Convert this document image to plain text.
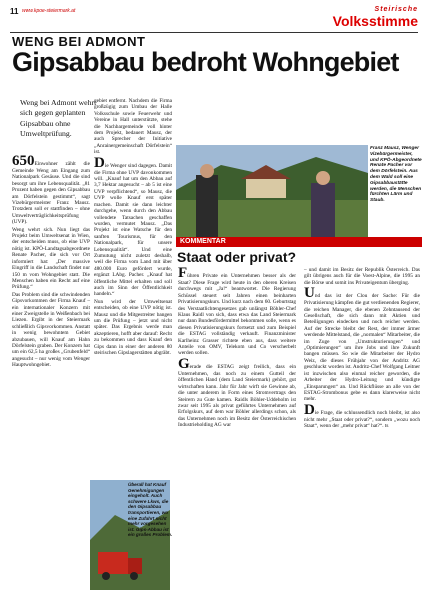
11 www.kpoe-steiermark.at	Steirische
Volksstimme
WENG BEI ADMONT
Gipsabbau bedroht Wohngebiet
Weng bei Admont wehrt sich gegen geplanten Gipsabbau ohne Umweltprüfung.

650Einwohner zählt die Gemeinde Weng am Eingang zum Nationalpark Gesäuse. Und die sind besorgt um ihre Lebensqualität. „81 Prozent haben gegen den Gipsabbau am Dörfelstein gestimmt“, sagt Vizebürgermeister Franz Mausz. Trotzdem soll er stattfinden – ohne Umweltverträglichkeitsprüfung (UVP).

Weng wehrt sich. Nun liegt das Projekt beim Umweltsenat in Wien, der entscheiden muss, ob eine UVP nötig ist. KPÖ-Landtagsabgeordnete Renate Pacher, die sich vor Ort informiert hat: „Der massive Eingriff in die Landschaft findet nur 150 m vom Wohngebiet statt. Die Menschen haben ein Recht auf eine Prüfung.“

Das Problem sind die schwindenden Gipsvorkommen der Firma Knauf – ein internationaler Konzern mit einer Zweigstelle in Weißenbach bei Liezen. Ergibt in der Steiermark schließlich Gipsvorkommen. Anstatt in wenig bewohntem Gebiet abzubauen, will Knauf am Hahn Dörfelstein graben. Der Konzern hat um ein 62,5 ha großes „Grubenfeld“ angesucht – nur wenig vom Wenger Hauptwohngebiet.

gebiet entfernt. Nachdem die Firma großzügig zum Umbau der Halle Volksschule sowie Feuerwehr und Vereine in Hall unterstützte, stehe die Nachbargemeinde voll hinter dem Projekt, bedauert Mausz, der auch Sprecher der Initiative „Anrainergemeinschaft Dörfelstein“ ist.

Die Wenger sind dagegen. Damit die Firma ohne UVP davonkommen will. „Knauf hat um den Abbau auf 3,7 Hektar angesucht – ab 5 ist eine UVP verpflichtend“, so Mausz, die UVP wolle Knauf erst später machen. Damit sie dann leichter durchgehe, wenn durch den Abbau vollendete Tatsachen geschaffen wurden, vermutet Mausz. „Das Projekt ist eine Watsche für den sanften Tourismus, für den Nationalpark, für unsere Lebensqualität“. Und eine Zumutung nicht zuletzt deshalb, weil die Firma vom Land mit über 480.000 Euro gefördert wurde, ergänzt LAbg. Pacher. „Knauf hat öffentliche Mittel erhalten und soll auch im Sinn der Öffentlichkeit handeln.“

Nun wird der Umweltsenat entscheiden, ob eine UVP nötig ist. Mausz und die Mitgestreiter bangen um die Prüfung – jetzt und nicht später. Das Ergebnis werde man akzeptieren, hofft aber darauf: Recht zu bekommen und dass Knauf den Gips dann in einer der anderen 80 steirischen Gipslagerstätten abgräbt.

Franz Mausz, Wenger Vizebürgermeister, und KPÖ-Abgeordnete Renate Pacher vor dem Dörfelstein. Aus dem Wald soll eine Gipsabbaustätte werden, die Menschen fürchten Lärm und Staub.
KOMMENTAR
Staat oder privat?

Führen Private ein Unternehmen besser als der Staat? Diese Frage wird heute in den oberen Kreisen durchwegs mit „Ja!“ beantwortet. Die Regierung Schüssel steuert seit Jahren einen beinharten Privatisierungskurs. Und kurz nach dem 60. Geburtstag des Verstaatlichtengesetzes gab unlängst Böhler-Chef Klaus Raidl von sich, dass etwa das Land Steiermark nur dann Bundesfördermittel bekommen solle, wenn es diesen Privatisierungskurs fortsetzt und zum Beispiel die ESTAG vollständig verkauft. Finanzminister Karlheinz Grasser richtete eben aus, dass weitere Anteile von OMV, Telekom und Co verscherbelt werden sollen.

Gerade die ESTAG zeigt freilich, dass ein Unternehmen, das noch zu einem Gutteil der öffentlichen Hand (dem Land Steiermark) gehört, gut wirtschaften kann. Jahr für Jahr wirft sie Gewinne ab, die unter anderem in Form eines Stromvertrags den Steirern zu Gute kamen. Raidls Böhler-Uddeholm ist zwar seit 1995 als privat geführtes Unternehmen auf Erfolgskurs, auf dem war Böhler allerdings schon, als das Unternehmen noch im Besitz der Österreichischen Industrieholding AG war

– und damit im Besitz der Republik Österreich. Das gilt übrigens auch für die Voest-Alpine, die 1995 an die Börse und somit ins Privateigentum überging.

Und das ist der Clou der Sache: Für die Privatisierung kämpfen die gut verdienenden Regierer, die reichen Manager, die ebenen Zehntausend der Gesellschaft, die sich dann mit Aktien und Beteiligungen eindecken und noch reicher werden. Auf der Strecke bleibt der Rest, der immer ärmer werdende Mittelstand, die „normalen“ Mitarbeiter, die im Zuge von „Umstrukturierungen“ und „Optimierungen“ um ihre Jobs und ihre Zukunft bangen müssen. So wie die Mitarbeiter der Hydro Weiz, die dieses Frühjahr von der Andritz AG geschluckt worden ist. Andritz-Chef Wolfgang Leitner ist inzwischen also einmal reicher geworden, die Arbeiter der Hydro-Leitung und kündigte „Einsparungen“ an. Und Rückflüsse an alle von der ESTAG-Strombonus gebe es dann klarerweise nicht mehr.

Die Frage, die schlussendlich noch bleibt, ist also nicht mehr „Staat oder privat?“, sondern „wozu noch Staat“, wenn der „mehr privat“ hat?“. ts

Überall hat Knauf Genehmigungen eingeholt. Auch schwere Lkws, die den Gipsabbau transportieren, wo eine Zufahrt nicht mehr vorgesehen ist. Gips-Abbau ist ein großes Problem.
